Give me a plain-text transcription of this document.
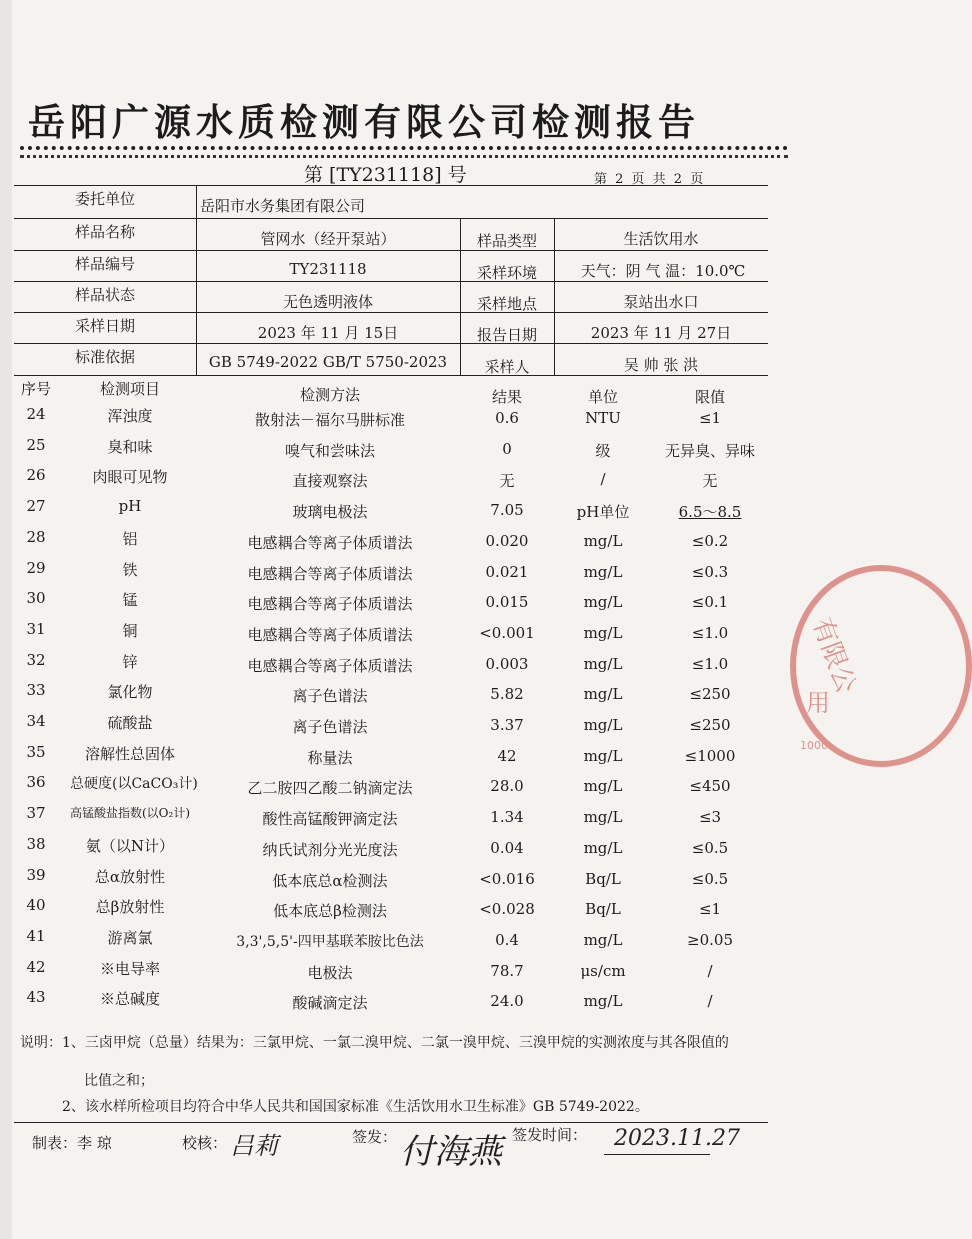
岳阳广源水质检测有限公司检测报告
第 [TY231118] 号	第 2 页 共 2 页
委托单位	岳阳市水务集团有限公司
样品名称	管网水（经开泵站）	样品类型	生活饮用水
样品编号	TY231118	采样环境	天气：阴 气 温：10.0℃
样品状态	无色透明液体	采样地点	泵站出水口
采样日期	2023 年 11 月 15日	报告日期	2023 年 11 月 27日
标准依据	GB 5749-2022 GB/T 5750-2023	采样人	吴 帅 张 洪
序号	检测项目	检测方法	结果	单位	限值
24	浑浊度	散射法－福尔马肼标准	0.6	NTU	≤1
25	臭和味	嗅气和尝味法	0	级	无异臭、异味
26	肉眼可见物	直接观察法	无	/	无
27	pH	玻璃电极法	7.05	pH单位	6.5～8.5
28	铝	电感耦合等离子体质谱法	0.020	mg/L	≤0.2
29	铁	电感耦合等离子体质谱法	0.021	mg/L	≤0.3
30	锰	电感耦合等离子体质谱法	0.015	mg/L	≤0.1
31	铜	电感耦合等离子体质谱法	<0.001	mg/L	≤1.0
32	锌	电感耦合等离子体质谱法	0.003	mg/L	≤1.0
33	氯化物	离子色谱法	5.82	mg/L	≤250
34	硫酸盐	离子色谱法	3.37	mg/L	≤250
35	溶解性总固体	称量法	42	mg/L	≤1000
36	总硬度(以CaCO₃计)	乙二胺四乙酸二钠滴定法	28.0	mg/L	≤450
37	高锰酸盐指数(以O₂计)	酸性高锰酸钾滴定法	1.34	mg/L	≤3
38	氨（以N计）	纳氏试剂分光光度法	0.04	mg/L	≤0.5
39	总α放射性	低本底总α检测法	<0.016	Bq/L	≤0.5
40	总β放射性	低本底总β检测法	<0.028	Bq/L	≤1
41	游离氯	3,3',5,5'-四甲基联苯胺比色法	0.4	mg/L	≥0.05
42	※电导率	电极法	78.7	μs/cm	/
43	※总碱度	酸碱滴定法	24.0	mg/L	/
说明：1、三卤甲烷（总量）结果为：三氯甲烷、一氯二溴甲烷、二氯一溴甲烷、三溴甲烷的实测浓度与其各限值的
比值之和；
2、该水样所检项目均符合中华人民共和国国家标准《生活饮用水卫生标准》GB 5749-2022。
制表：李 琼	校核： 吕莉	签发： 付海燕 签发时间： 2023.11.27
有限公
用
1000
